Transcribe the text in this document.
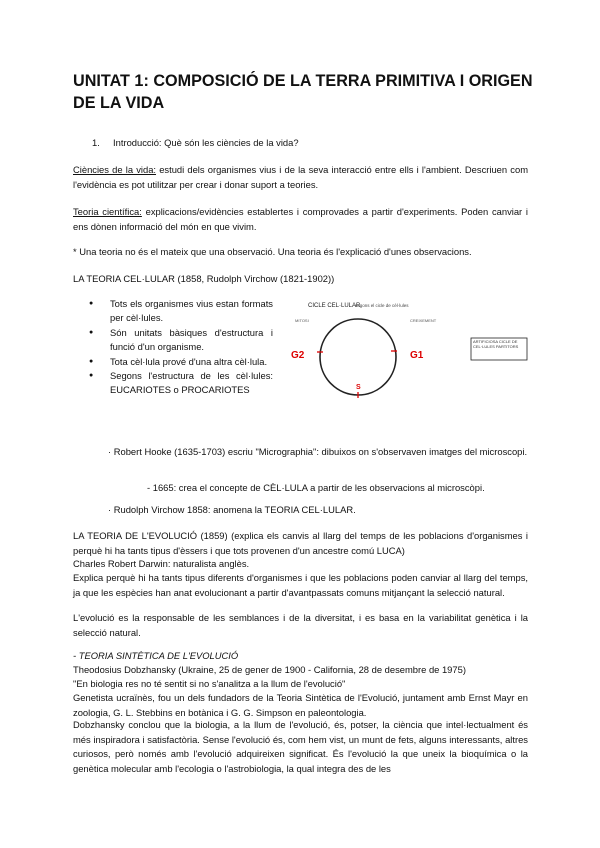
UNITAT 1: COMPOSICIÓ DE LA TERRA PRIMITIVA I ORIGEN DE LA VIDA
1. Introducció: Què són les ciències de la vida?
Ciències de la vida: estudi dels organismes vius i de la seva interacció entre ells i l'ambient. Descriuen com l'evidència es pot utilitzar per crear i donar suport a teories.
Teoria científica: explicacions/evidències establertes i comprovades a partir d'experiments. Poden canviar i ens dònen informació del món en que vivim.
* Una teoria no és el mateix que una observació. Una teoria és l'explicació d'unes observacions.
LA TEORIA CEL·LULAR (1858, Rudolph Virchow (1821-1902))
● Tots els organismes vius estan formats per cèl·lules.
● Són unitats bàsiques d'estructura i funció d'un organisme.
● Tota cèl·lula prové d'una altra cèl·lula.
● Segons l'estructura de les cèl·lules: EUCARIOTES o PROCARIOTES
CICLE CEL·LULAR
segons el cicle de cèl·lules
MITOSI	CREIXEMENT
G2	G1
S
ARTIFICIOSA CICLE DE CEL·LULES PARTITORS
· Robert Hooke (1635-1703) escriu "Micrographia": dibuixos on s'observaven imatges del microscopi.
- 1665: crea el concepte de CÈL·LULA a partir de les observacions al microscòpi.
· Rudolph Virchow 1858: anomena la TEORIA CEL·LULAR.
LA TEORIA DE L'EVOLUCIÓ (1859) (explica els canvis al llarg del temps de les poblacions d'organismes i perquè hi ha tants tipus d'èssers i que tots provenen d'un ancestre comú LUCA)
Charles Robert Darwin: naturalista anglès.
Explica perquè hi ha tants tipus diferents d'organismes i que les poblacions poden canviar al llarg del temps, ja que les espècies han anat evolucionant a partir d'avantpassats comuns mitjançant la selecció natural.
L'evolució es la responsable de les semblances i de la diversitat, i es basa en la variabilitat genètica i la selecció natural.
- TEORIA SINTÈTICA DE L'EVOLUCIÓ
Theodosius Dobzhansky (Ukraine, 25 de gener de 1900 - California, 28 de desembre de 1975)
"En biologia res no té sentit si no s'analitza a la llum de l'evolució"
Genetista ucraïnès, fou un dels fundadors de la Teoria Sintètica de l'Evolució, juntament amb Ernst Mayr en zoologia, G. L. Stebbins en botànica i G. G. Simpson en paleontologia.
Dobzhansky conclou que la biologia, a la llum de l'evolució, és, potser, la ciència que intel·lectualment és més inspiradora i satisfactòria. Sense l'evolució és, com hem vist, un munt de fets, alguns interessants, altres curiosos, però només amb l'evolució adquireixen significat. És l'evolució la que uneix la bioquímica o la genètica molecular amb l'ecologia o l'astrobiologia, la qual integra des de les
